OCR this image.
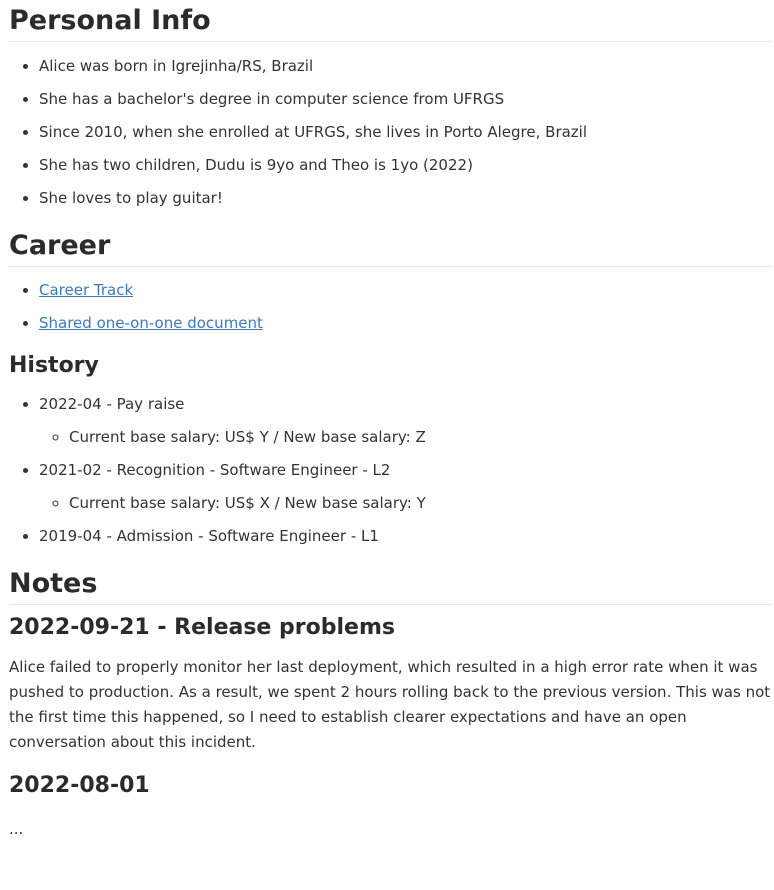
Personal Info
• Alice was born in Igrejinha/RS, Brazil
• She has a bachelor's degree in computer science from UFRGS
• Since 2010, when she enrolled at UFRGS, she lives in Porto Alegre, Brazil
• She has two children, Dudu is 9yo and Theo is 1yo (2022)
• She loves to play guitar!
Career
• Career Track
• Shared one-on-one document
History
• 2022-04 - Pay raise
◦ Current base salary: US$ Y / New base salary: Z
• 2021-02 - Recognition - Software Engineer - L2
◦ Current base salary: US$ X / New base salary: Y
• 2019-04 - Admission - Software Engineer - L1
Notes
2022-09-21 - Release problems

Alice failed to properly monitor her last deployment, which resulted in a high error rate when it was pushed to production. As a result, we spent 2 hours rolling back to the previous version. This was not the first time this happened, so I need to establish clearer expectations and have an open conversation about this incident.

2022-08-01

...
